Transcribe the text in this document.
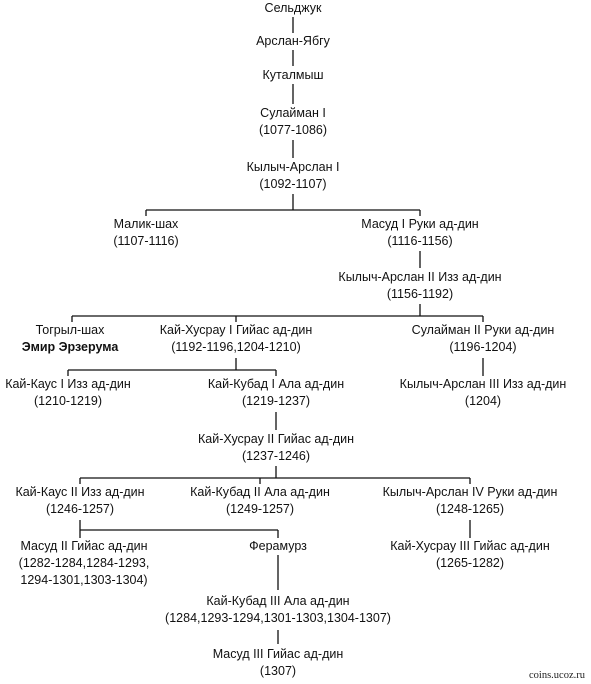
Сельджук
Арслан-Ябгу
Куталмыш
Сулайман I
(1077-1086)
Кылыч-Арслан I
(1092-1107)
Малик-шах
(1107-1116)
Масуд I Руки ад-дин
(1116-1156)
Кылыч-Арслан II Изз ад-дин
(1156-1192)
Тогрыл-шах
Эмир Эрзерума
Кай-Хусрау I Гийас ад-дин
(1192-1196,1204-1210)
Сулайман II Руки ад-дин
(1196-1204)
Кай-Каус I Изз ад-дин
(1210-1219)
Кай-Кубад I Ала ад-дин
(1219-1237)
Кылыч-Арслан III Изз ад-дин
(1204)
Кай-Хусрау II Гийас ад-дин
(1237-1246)
Кай-Каус II Изз ад-дин
(1246-1257)
Кай-Кубад II Ала ад-дин
(1249-1257)
Кылыч-Арслан IV Руки ад-дин
(1248-1265)
Масуд II Гийас ад-дин
(1282-1284,1284-1293,
1294-1301,1303-1304)
Ферамурз	Кай-Хусрау III Гийас ад-дин
(1265-1282)
Кай-Кубад III Ала ад-дин
(1284,1293-1294,1301-1303,1304-1307)
Масуд III Гийас ад-дин
(1307)	coins.ucoz.ru
